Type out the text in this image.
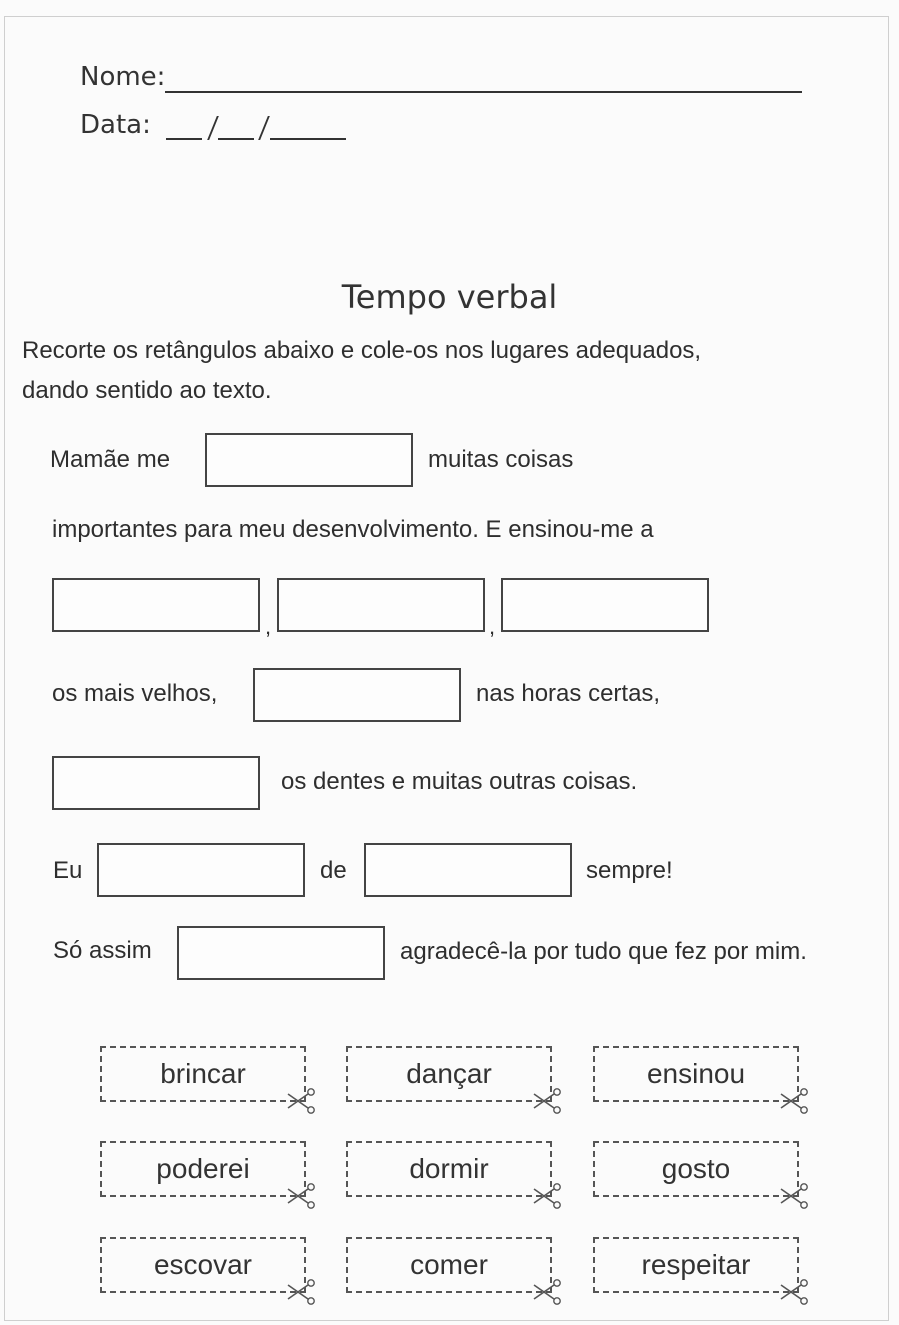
Nome:
Data:
Tempo verbal
Recorte os retângulos abaixo e cole-os nos lugares adequados,
dando sentido ao texto.
Mamãe me	muitas coisas
importantes para meu desenvolvimento. E ensinou-me a
,	,
os mais velhos,	nas horas certas,
os dentes e muitas outras coisas.
Eu	de	sempre!
Só assim	agradecê-la por tudo que fez por mim.
brincar	dançar	ensinou
poderei	dormir	gosto
escovar	comer	respeitar
